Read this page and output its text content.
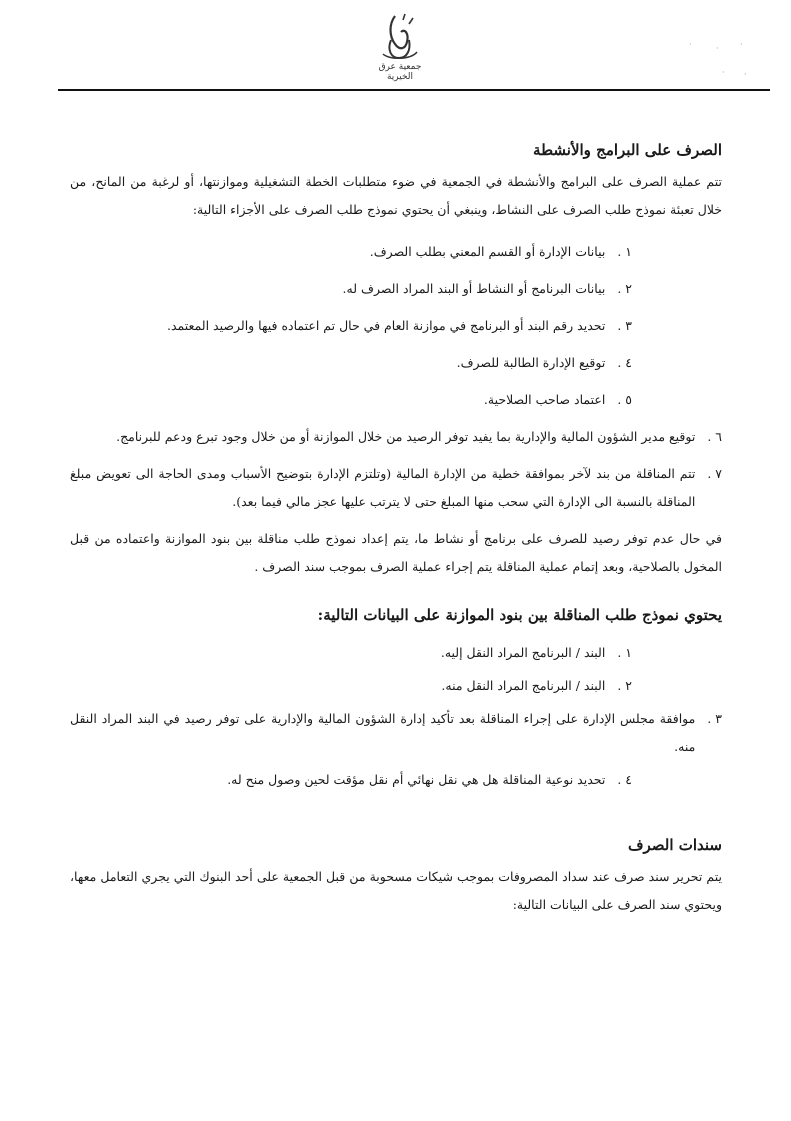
جمعية عرق الخيرية
·	·	·
· ·
الصرف على البرامج والأنشطة

تتم عملية الصرف على البرامج والأنشطة في الجمعية في ضوء متطلبات الخطة التشغيلية وموازنتها، أو لرغبة من المانح، من خلال تعبئة نموذج طلب الصرف على النشاط، وينبغي أن يحتوي نموذج طلب الصرف على الأجزاء التالية:

١ .
بيانات الإدارة أو القسم المعني بطلب الصرف.
٢ .
بيانات البرنامج أو النشاط أو البند المراد الصرف له.
٣ .
تحديد رقم البند أو البرنامج في موازنة العام في حال تم اعتماده فيها والرصيد المعتمد.
٤ .
توقيع الإدارة الطالبة للصرف.
٥ .
اعتماد صاحب الصلاحية.
٦ .
توقيع مدير الشؤون المالية والإدارية بما يفيد توفر الرصيد من خلال الموازنة أو من خلال وجود تبرع ودعم للبرنامج.
٧ .
تتم المناقلة من بند لآخر بموافقة خطية من الإدارة المالية (وتلتزم الإدارة بتوضيح الأسباب ومدى الحاجة الى تعويض مبلغ المناقلة بالنسبة الى الإدارة التي سحب منها المبلغ حتى لا يترتب عليها عجز مالي فيما بعد).

في حال عدم توفر رصيد للصرف على برنامج أو نشاط ما، يتم إعداد نموذج طلب مناقلة بين بنود الموازنة واعتماده من قبل المخول بالصلاحية، وبعد إتمام عملية المناقلة يتم إجراء عملية الصرف بموجب سند الصرف .

يحتوي نموذج طلب المناقلة بين بنود الموازنة على البيانات التالية:
١ .
البند / البرنامج المراد النقل إليه.
٢ .
البند / البرنامج المراد النقل منه.
٣ .
موافقة مجلس الإدارة على إجراء المناقلة بعد تأكيد إدارة الشؤون المالية والإدارية على توفر رصيد في البند المراد النقل منه.
٤ .
تحديد نوعية المناقلة هل هي نقل نهائي أم نقل مؤقت لحين وصول منح له.
سندات الصرف

يتم تحرير سند صرف عند سداد المصروفات بموجب شيكات مسحوبة من قبل الجمعية على أحد البنوك التي يجري التعامل معها، ويحتوي سند الصرف على البيانات التالية:
